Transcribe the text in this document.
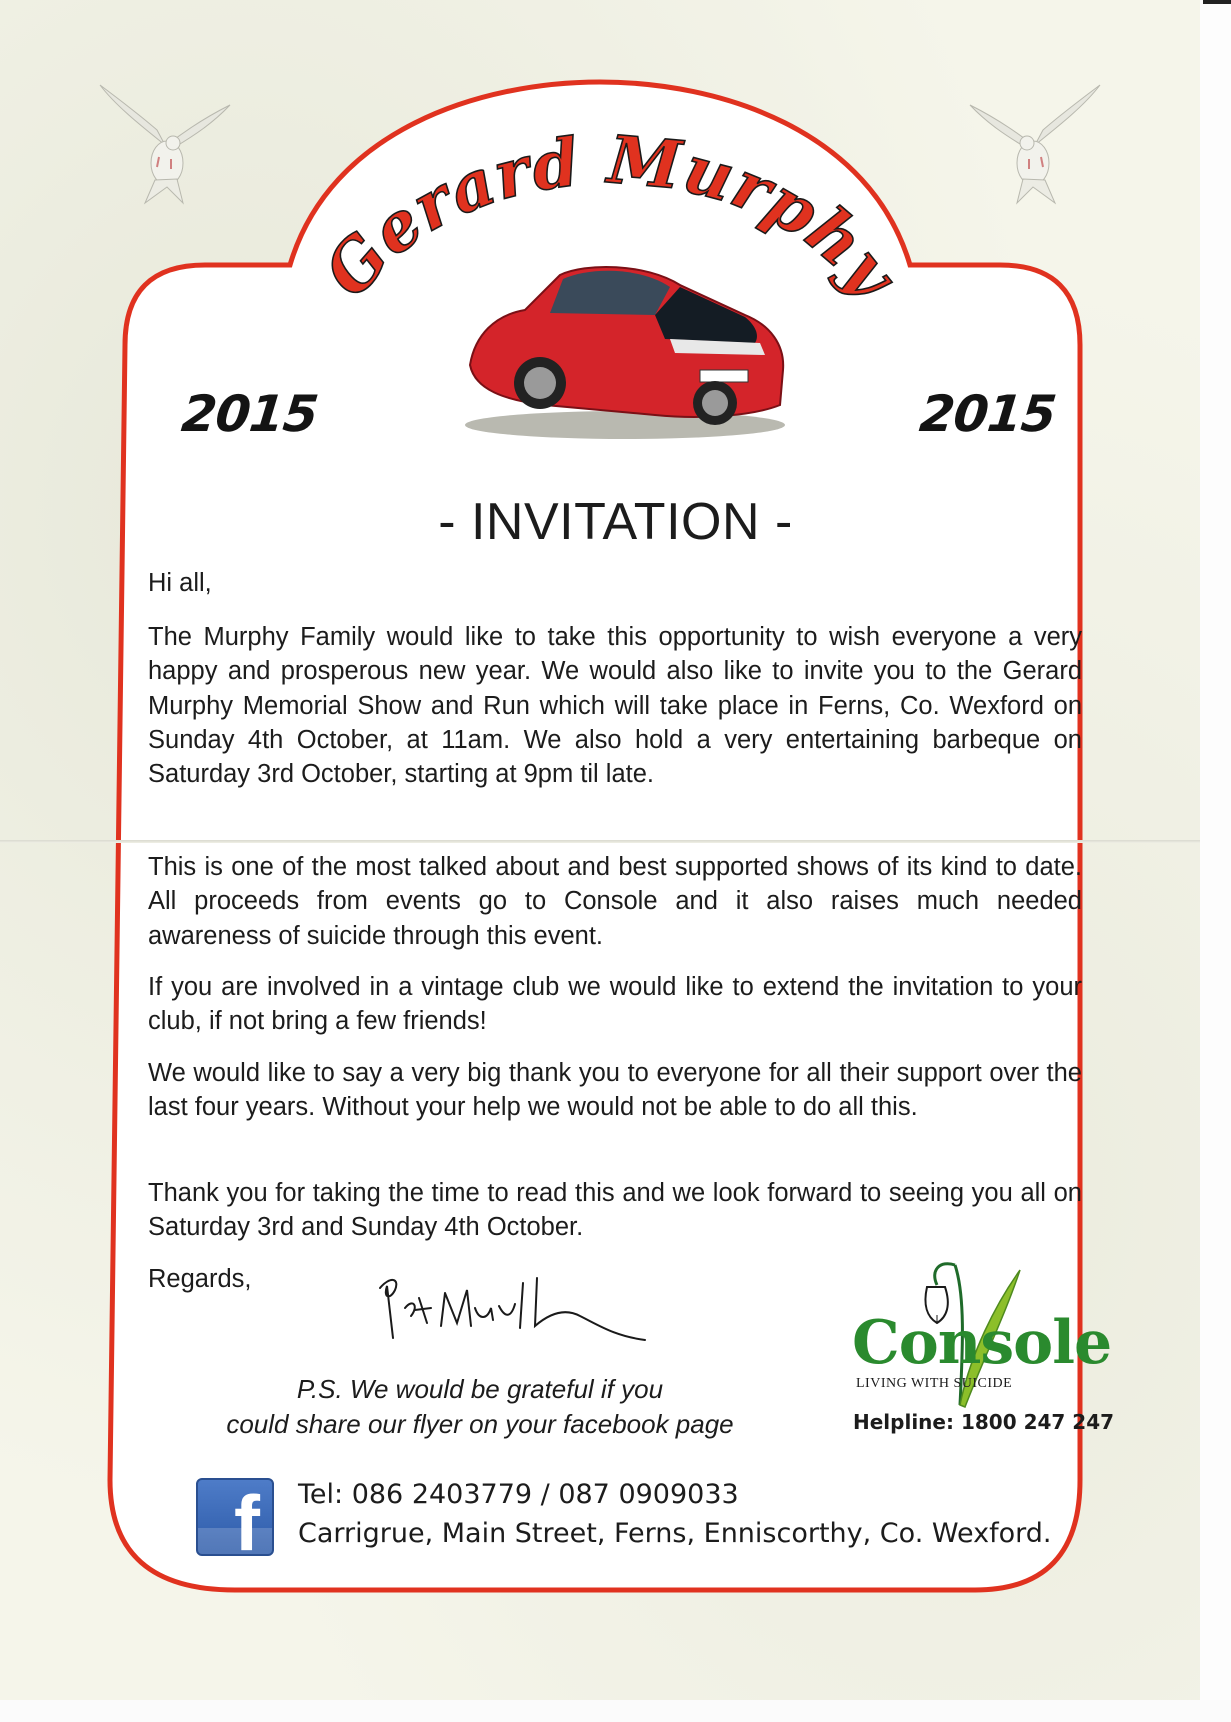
Gerard Murphy
2015	2015
- INVITATION -
Hi all,
The Murphy Family would like to take this opportunity to wish everyone a very happy and prosperous new year. We would also like to invite you to the Gerard Murphy Memorial Show and Run which will take place in Ferns, Co. Wexford on Sunday 4th October, at 11am. We also hold a very entertaining barbeque on Saturday 3rd October, starting at 9pm til late.
This is one of the most talked about and best supported shows of its kind to date. All proceeds from events go to Console and it also raises much needed awareness of suicide through this event.
If you are involved in a vintage club we would like to extend the invitation to your club, if not bring a few friends!
We would like to say a very big thank you to everyone for all their support over the last four years. Without your help we would not be able to do all this.
Thank you for taking the time to read this and we look forward to seeing you all on Saturday 3rd and Sunday 4th October.
Regards,
P.S. We would be grateful if you
could share our flyer on your facebook page
Console
LIVING WITH SUICIDE
Helpline: 1800 247 247
f Tel: 086 2403779 / 087 0909033
Carrigrue, Main Street, Ferns, Enniscorthy, Co. Wexford.
